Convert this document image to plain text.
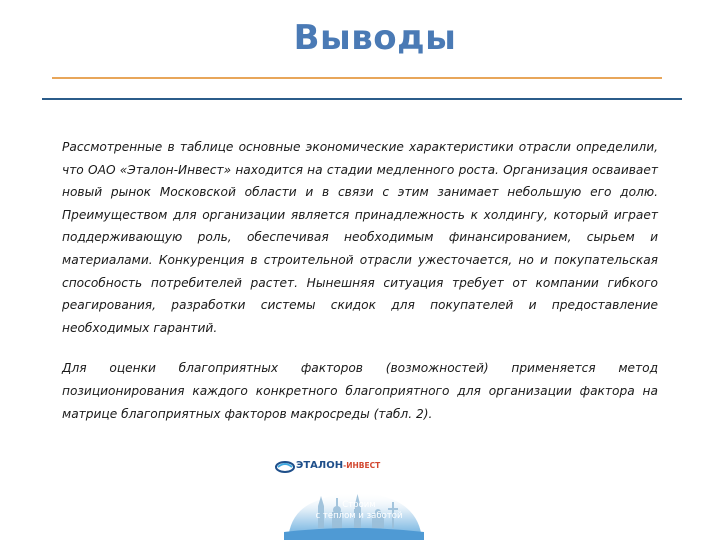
Выводы

Рассмотренные в таблице основные экономические характеристики отрасли определили, что ОАО «Эталон-Инвест» находится на стадии медленного роста. Организация осваивает новый рынок Московской области и в связи с этим занимает небольшую его долю. Преимуществом для организации является принадлежность к холдингу, который играет поддерживающую роль, обеспечивая необходимым финансированием, сырьем и материалами. Конкуренция в строительной отрасли ужесточается, но и покупательская способность потребителей растет. Нынешняя ситуация требует от компании гибкого реагирования, разработки системы скидок для покупателей и предоставление необходимых гарантий.

Для оценки благоприятных факторов (возможностей) применяется метод позиционирования каждого конкретного благоприятного для организации фактора на матрице благоприятных факторов макросреды (табл. 2).

ЭТАЛОН-ИНВЕСТ
Строим
с теплом и заботой
